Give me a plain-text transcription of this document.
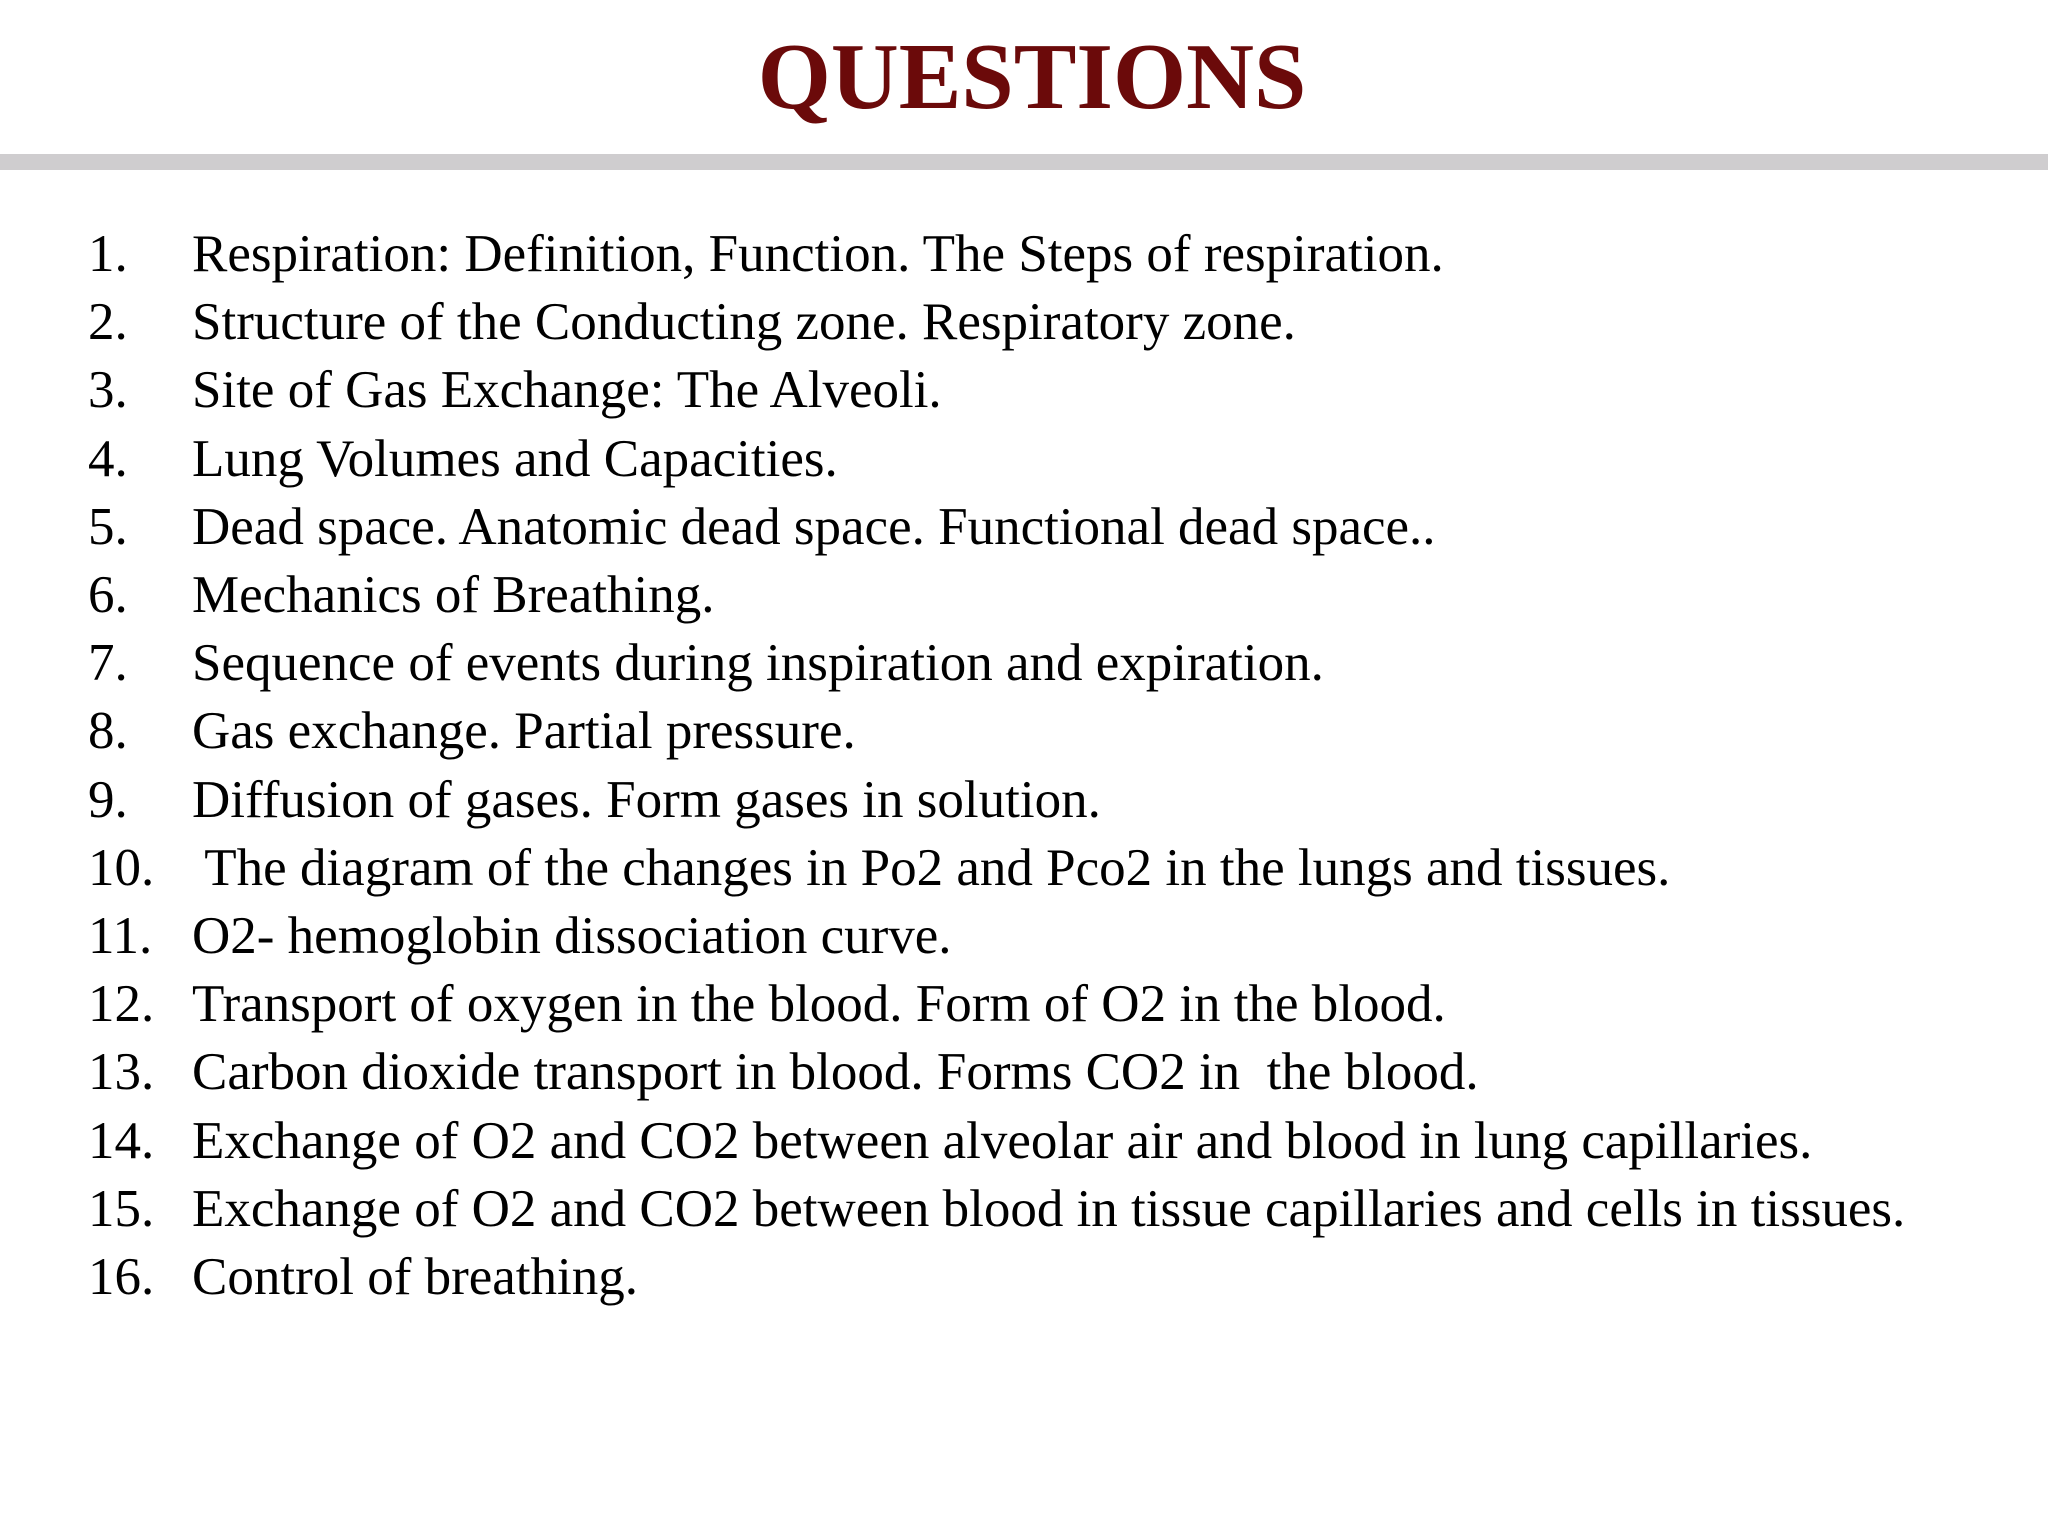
QUESTIONS
1.	Respiration: Definition, Function. The Steps of respiration.
2.	Structure of the Conducting zone. Respiratory zone.
3.	Site of Gas Exchange: The Alveoli.
4.	Lung Volumes and Capacities.
5.	Dead space. Anatomic dead space. Functional dead space..
6.	Mechanics of Breathing.
7.	Sequence of events during inspiration and expiration.
8.	Gas exchange. Partial pressure.
9.	Diffusion of gases. Form gases in solution.
10. The diagram of the changes in Po2 and Pco2 in the lungs and tissues.
11. O2- hemoglobin dissociation curve.
12. Transport of oxygen in the blood. Form of O2 in the blood.
13. Carbon dioxide transport in blood. Forms CO2 in  the blood.
14. Exchange of O2 and CO2 between alveolar air and blood in lung capillaries.
15. Exchange of O2 and CO2 between blood in tissue capillaries and cells in tissues.
16. Control of breathing.
